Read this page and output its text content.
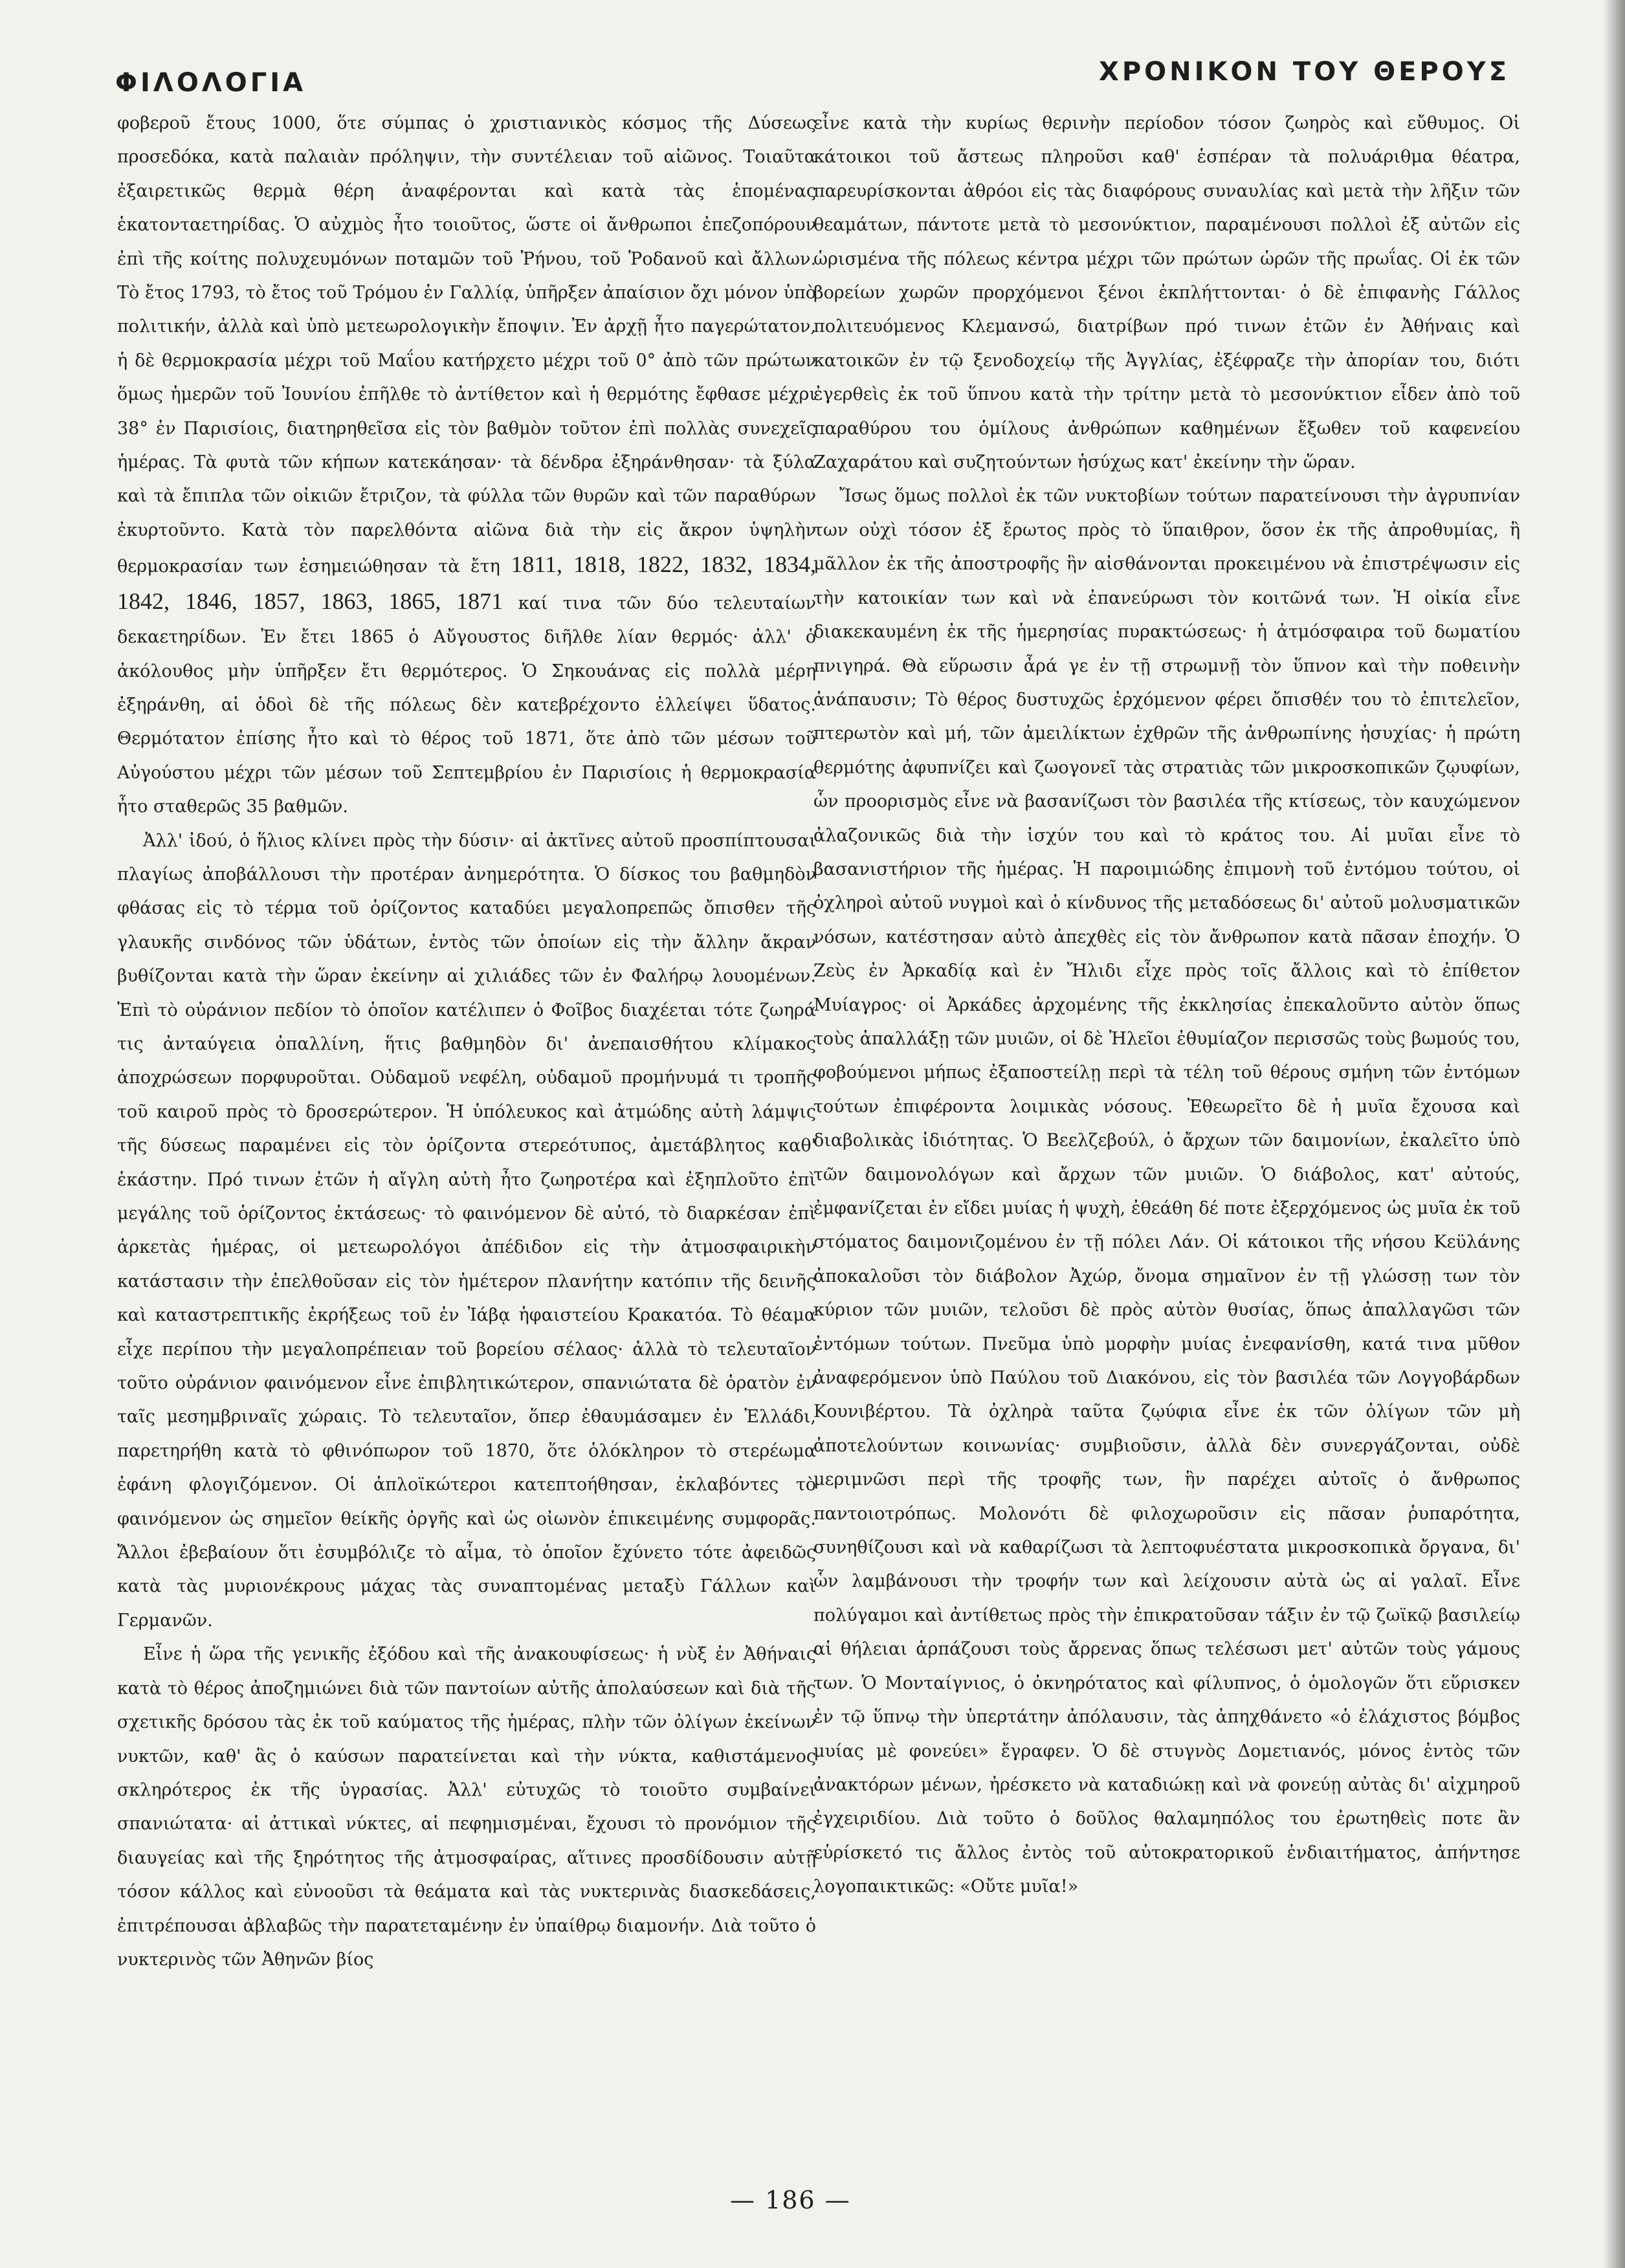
ΦΙΛΟΛΟΓΙΑ	ΧΡΟΝΙΚΟΝ ΤΟΥ ΘΕΡΟΥΣ

φοβεροῦ ἔτους 1000, ὅτε σύμπας ὁ χριστιανικὸς κόσμος τῆς Δύσεως προσεδόκα, κατὰ παλαιὰν πρόληψιν, τὴν συντέλειαν τοῦ αἰῶνος. Τοιαῦτα ἐξαιρετικῶς θερμὰ θέρη ἀναφέρονται καὶ κατὰ τὰς ἑπομένας ἑκατονταετηρίδας. Ὁ αὐχμὸς ἦτο τοιοῦτος, ὥστε οἱ ἄνθρωποι ἐπεζοπόρουν ἐπὶ τῆς κοίτης πολυχευμόνων ποταμῶν τοῦ Ῥήνου, τοῦ Ῥοδανοῦ καὶ ἄλλων. Τὸ ἔτος 1793, τὸ ἔτος τοῦ Τρόμου ἐν Γαλλίᾳ, ὑπῆρξεν ἀπαίσιον ὄχι μόνον ὑπὸ πολιτικήν, ἀλλὰ καὶ ὑπὸ μετεωρολογικὴν ἔποψιν. Ἐν ἀρχῇ ἦτο παγερώτατον, ἡ δὲ θερμοκρασία μέχρι τοῦ Μαΐου κατήρχετο μέχρι τοῦ 0° ἀπὸ τῶν πρώτων ὅμως ἡμερῶν τοῦ Ἰουνίου ἐπῆλθε τὸ ἀντίθετον καὶ ἡ θερμότης ἔφθασε μέχρι 38° ἐν Παρισίοις, διατηρηθεῖσα εἰς τὸν βαθμὸν τοῦτον ἐπὶ πολλὰς συνεχεῖς ἡμέρας. Τὰ φυτὰ τῶν κήπων κατεκάησαν· τὰ δένδρα ἐξηράνθησαν· τὰ ξύλα καὶ τὰ ἔπιπλα τῶν οἰκιῶν ἔτριζον, τὰ φύλλα τῶν θυρῶν καὶ τῶν παραθύρων ἐκυρτοῦντο. Κατὰ τὸν παρελθόντα αἰῶνα διὰ τὴν εἰς ἄκρον ὑψηλὴν θερμοκρασίαν των ἐσημειώθησαν τὰ ἔτη 1811, 1818, 1822, 1832, 1834, 1842, 1846, 1857, 1863, 1865, 1871 καί τινα τῶν δύο τελευταίων δεκαετηρίδων. Ἐν ἔτει 1865 ὁ Αὔγουστος διῆλθε λίαν θερμός· ἀλλ' ὁ ἀκόλουθος μὴν ὑπῆρξεν ἔτι θερμότερος. Ὁ Σηκουάνας εἰς πολλὰ μέρη ἐξηράνθη, αἱ ὁδοὶ δὲ τῆς πόλεως δὲν κατεβρέχοντο ἐλλείψει ὕδατος. Θερμότατον ἐπίσης ἦτο καὶ τὸ θέρος τοῦ 1871, ὅτε ἀπὸ τῶν μέσων τοῦ Αὐγούστου μέχρι τῶν μέσων τοῦ Σεπτεμβρίου ἐν Παρισίοις ἡ θερμοκρασία ἦτο σταθερῶς 35 βαθμῶν.

Ἀλλ' ἰδού, ὁ ἥλιος κλίνει πρὸς τὴν δύσιν· αἱ ἀκτῖνες αὐτοῦ προσπίπτουσαι πλαγίως ἀποβάλλουσι τὴν προτέραν ἀνημερότητα. Ὁ δίσκος του βαθμηδὸν φθάσας εἰς τὸ τέρμα τοῦ ὁρίζοντος καταδύει μεγαλοπρεπῶς ὄπισθεν τῆς γλαυκῆς σινδόνος τῶν ὑδάτων, ἐντὸς τῶν ὁποίων εἰς τὴν ἄλλην ἄκραν βυθίζονται κατὰ τὴν ὥραν ἐκείνην αἱ χιλιάδες τῶν ἐν Φαλήρῳ λουομένων. Ἐπὶ τὸ οὐράνιον πεδίον τὸ ὁποῖον κατέλιπεν ὁ Φοῖβος διαχέεται τότε ζωηρά τις ἀνταύγεια ὀπαλλίνη, ἥτις βαθμηδὸν δι' ἀνεπαισθήτου κλίμακος ἀποχρώσεων πορφυροῦται. Οὐδαμοῦ νεφέλη, οὐδαμοῦ προμήνυμά τι τροπῆς τοῦ καιροῦ πρὸς τὸ δροσερώτερον. Ἡ ὑπόλευκος καὶ ἀτμώδης αὐτὴ λάμψις τῆς δύσεως παραμένει εἰς τὸν ὁρίζοντα στερεότυπος, ἀμετάβλητος καθ' ἑκάστην. Πρό τινων ἐτῶν ἡ αἴγλη αὐτὴ ἦτο ζωηροτέρα καὶ ἐξηπλοῦτο ἐπὶ μεγάλης τοῦ ὁρίζοντος ἐκτάσεως· τὸ φαινόμενον δὲ αὐτό, τὸ διαρκέσαν ἐπὶ ἀρκετὰς ἡμέρας, οἱ μετεωρολόγοι ἀπέδιδον εἰς τὴν ἀτμοσφαιρικὴν κατάστασιν τὴν ἐπελθοῦσαν εἰς τὸν ἡμέτερον πλανήτην κατόπιν τῆς δεινῆς καὶ καταστρεπτικῆς ἐκρήξεως τοῦ ἐν Ἰάβᾳ ἡφαιστείου Κρακατόα. Τὸ θέαμα εἶχε περίπου τὴν μεγαλοπρέπειαν τοῦ βορείου σέλαος· ἀλλὰ τὸ τελευταῖον τοῦτο οὐράνιον φαινόμενον εἶνε ἐπιβλητικώτερον, σπανιώτατα δὲ ὁρατὸν ἐν ταῖς μεσημβριναῖς χώραις. Τὸ τελευταῖον, ὅπερ ἐθαυμάσαμεν ἐν Ἑλλάδι, παρετηρήθη κατὰ τὸ φθινόπωρον τοῦ 1870, ὅτε ὁλόκληρον τὸ στερέωμα ἐφάνη φλογιζόμενον. Οἱ ἁπλοϊκώτεροι κατεπτοήθησαν, ἐκλαβόντες τὸ φαινόμενον ὡς σημεῖον θείκῆς ὀργῆς καὶ ὡς οἰωνὸν ἐπικειμένης συμφορᾶς. Ἄλλοι ἐβεβαίουν ὅτι ἐσυμβόλιζε τὸ αἷμα, τὸ ὁποῖον ἔχύνετο τότε ἀφειδῶς κατὰ τὰς μυριονέκρους μάχας τὰς συναπτομένας μεταξὺ Γάλλων καὶ Γερμανῶν.

Εἶνε ἡ ὥρα τῆς γενικῆς ἐξόδου καὶ τῆς ἀνακουφίσεως· ἡ νὺξ ἐν Ἀθήναις κατὰ τὸ θέρος ἀποζημιώνει διὰ τῶν παντοίων αὐτῆς ἀπολαύσεων καὶ διὰ τῆς σχετικῆς δρόσου τὰς ἐκ τοῦ καύματος τῆς ἡμέρας, πλὴν τῶν ὀλίγων ἐκείνων νυκτῶν, καθ' ἃς ὁ καύσων παρατείνεται καὶ τὴν νύκτα, καθιστάμενος σκληρότερος ἐκ τῆς ὑγρασίας. Ἀλλ' εὐτυχῶς τὸ τοιοῦτο συμβαίνει σπανιώτατα· αἱ ἀττικαὶ νύκτες, αἱ πεφημισμέναι, ἔχουσι τὸ προνόμιον τῆς διαυγείας καὶ τῆς ξηρότητος τῆς ἀτμοσφαίρας, αἵτινες προσδίδουσιν αὐτῇ τόσον κάλλος καὶ εὐνοοῦσι τὰ θεάματα καὶ τὰς νυκτερινὰς διασκεδάσεις, ἐπιτρέπουσαι ἀβλαβῶς τὴν παρατεταμένην ἐν ὑπαίθρῳ διαμονήν. Διὰ τοῦτο ὁ νυκτερινὸς τῶν Ἀθηνῶν βίος

εἶνε κατὰ τὴν κυρίως θερινὴν περίοδον τόσον ζωηρὸς καὶ εὔθυμος. Οἱ κάτοικοι τοῦ ἄστεως πληροῦσι καθ' ἑσπέραν τὰ πολυάριθμα θέατρα, παρευρίσκονται ἀθρόοι εἰς τὰς διαφόρους συναυλίας καὶ μετὰ τὴν λῆξιν τῶν θεαμάτων, πάντοτε μετὰ τὸ μεσονύκτιον, παραμένουσι πολλοὶ ἐξ αὐτῶν εἰς ὡρισμένα τῆς πόλεως κέντρα μέχρι τῶν πρώτων ὡρῶν τῆς πρωΐας. Οἱ ἐκ τῶν βορείων χωρῶν προρχόμενοι ξένοι ἐκπλήττονται· ὁ δὲ ἐπιφανὴς Γάλλος πολιτευόμενος Κλεμανσώ, διατρίβων πρό τινων ἐτῶν ἐν Ἀθήναις καὶ κατοικῶν ἐν τῷ ξενοδοχείῳ τῆς Ἀγγλίας, ἐξέφραζε τὴν ἀπορίαν του, διότι ἐγερθεὶς ἐκ τοῦ ὕπνου κατὰ τὴν τρίτην μετὰ τὸ μεσονύκτιον εἶδεν ἀπὸ τοῦ παραθύρου του ὁμίλους ἀνθρώπων καθημένων ἔξωθεν τοῦ καφενείου Ζαχαράτου καὶ συζητούντων ἡσύχως κατ' ἐκείνην τὴν ὥραν.

Ἴσως ὅμως πολλοὶ ἐκ τῶν νυκτοβίων τούτων παρατείνουσι τὴν ἀγρυπνίαν των οὐχὶ τόσον ἐξ ἔρωτος πρὸς τὸ ὕπαιθρον, ὅσον ἐκ τῆς ἀπροθυμίας, ἢ μᾶλλον ἐκ τῆς ἀποστροφῆς ἣν αἰσθάνονται προκειμένου νὰ ἐπιστρέψωσιν εἰς τὴν κατοικίαν των καὶ νὰ ἐπανεύρωσι τὸν κοιτῶνά των. Ἡ οἰκία εἶνε διακεκαυμένη ἐκ τῆς ἡμερησίας πυρακτώσεως· ἡ ἀτμόσφαιρα τοῦ δωματίου πνιγηρά. Θὰ εὕρωσιν ἆρά γε ἐν τῇ στρωμνῇ τὸν ὕπνον καὶ τὴν ποθεινὴν ἀνάπαυσιν; Τὸ θέρος δυστυχῶς ἐρχόμενον φέρει ὄπισθέν του τὸ ἐπιτελεῖον, πτερωτὸν καὶ μή, τῶν ἀμειλίκτων ἐχθρῶν τῆς ἀνθρωπίνης ἡσυχίας· ἡ πρώτη θερμότης ἀφυπνίζει καὶ ζωογονεῖ τὰς στρατιὰς τῶν μικροσκοπικῶν ζῳυφίων, ὧν προορισμὸς εἶνε νὰ βασανίζωσι τὸν βασιλέα τῆς κτίσεως, τὸν καυχώμενον ἀλαζονικῶς διὰ τὴν ἰσχύν του καὶ τὸ κράτος του. Αἱ μυῖαι εἶνε τὸ βασανιστήριον τῆς ἡμέρας. Ἡ παροιμιώδης ἐπιμονὴ τοῦ ἐντόμου τούτου, οἱ ὀχληροὶ αὐτοῦ νυγμοὶ καὶ ὁ κίνδυνος τῆς μεταδόσεως δι' αὐτοῦ μολυσματικῶν νόσων, κατέστησαν αὐτὸ ἀπεχθὲς εἰς τὸν ἄνθρωπον κατὰ πᾶσαν ἐποχήν. Ὁ Ζεὺς ἐν Ἀρκαδίᾳ καὶ ἐν Ἤλιδι εἶχε πρὸς τοῖς ἄλλοις καὶ τὸ ἐπίθετον Μυίαγρος· οἱ Ἀρκάδες ἀρχομένης τῆς ἐκκλησίας ἐπεκαλοῦντο αὐτὸν ὅπως τοὺς ἀπαλλάξῃ τῶν μυιῶν, οἱ δὲ Ἠλεῖοι ἐθυμίαζον περισσῶς τοὺς βωμούς του, φοβούμενοι μήπως ἐξαποστείλῃ περὶ τὰ τέλη τοῦ θέρους σμήνη τῶν ἐντόμων τούτων ἐπιφέροντα λοιμικὰς νόσους. Ἐθεωρεῖτο δὲ ἡ μυῖα ἔχουσα καὶ διαβολικὰς ἰδιότητας. Ὁ Βεελζεβούλ, ὁ ἄρχων τῶν δαιμονίων, ἐκαλεῖτο ὑπὸ τῶν δαιμονολόγων καὶ ἄρχων τῶν μυιῶν. Ὁ διάβολος, κατ' αὐτούς, ἐμφανίζεται ἐν εἴδει μυίας ἡ ψυχὴ, ἐθεάθη δέ ποτε ἐξερχόμενος ὡς μυῖα ἐκ τοῦ στόματος δαιμονιζομένου ἐν τῇ πόλει Λάν. Οἱ κάτοικοι τῆς νήσου Κεϋλάνης ἀποκαλοῦσι τὸν διάβολον Ἀχώρ, ὄνομα σημαῖνον ἐν τῇ γλώσσῃ των τὸν κύριον τῶν μυιῶν, τελοῦσι δὲ πρὸς αὐτὸν θυσίας, ὅπως ἀπαλλαγῶσι τῶν ἐντόμων τούτων. Πνεῦμα ὑπὸ μορφὴν μυίας ἐνεφανίσθη, κατά τινα μῦθον ἀναφερόμενον ὑπὸ Παύλου τοῦ Διακόνου, εἰς τὸν βασιλέα τῶν Λογγοβάρδων Κουνιβέρτου. Τὰ ὀχληρὰ ταῦτα ζῳύφια εἶνε ἐκ τῶν ὀλίγων τῶν μὴ ἀποτελούντων κοινωνίας· συμβιοῦσιν, ἀλλὰ δὲν συνεργάζονται, οὐδὲ μεριμνῶσι περὶ τῆς τροφῆς των, ἣν παρέχει αὐτοῖς ὁ ἄνθρωπος παντοιοτρόπως. Μολονότι δὲ φιλοχωροῦσιν εἰς πᾶσαν ῥυπαρότητα, συνηθίζουσι καὶ νὰ καθαρίζωσι τὰ λεπτοφυέστατα μικροσκοπικὰ ὄργανα, δι' ὧν λαμβάνουσι τὴν τροφήν των καὶ λείχουσιν αὐτὰ ὡς αἱ γαλαῖ. Εἶνε πολύγαμοι καὶ ἀντίθετως πρὸς τὴν ἐπικρατοῦσαν τάξιν ἐν τῷ ζωϊκῷ βασιλείῳ αἱ θήλειαι ἁρπάζουσι τοὺς ἄρρενας ὅπως τελέσωσι μετ' αὐτῶν τοὺς γάμους των. Ὁ Μονταίγνιος, ὁ ὀκνηρότατος καὶ φίλυπνος, ὁ ὁμολογῶν ὅτι εὕρισκεν ἐν τῷ ὕπνῳ τὴν ὑπερτάτην ἀπόλαυσιν, τὰς ἀπηχθάνετο «ὁ ἐλάχιστος βόμβος μυίας μὲ φονεύει» ἔγραφεν. Ὁ δὲ στυγνὸς Δομετιανός, μόνος ἐντὸς τῶν ἀνακτόρων μένων, ἠρέσκετο νὰ καταδιώκῃ καὶ νὰ φονεύῃ αὐτὰς δι' αἰχμηροῦ ἐγχειριδίου. Διὰ τοῦτο ὁ δοῦλος θαλαμηπόλος του ἐρωτηθεὶς ποτε ἂν εὑρίσκετό τις ἄλλος ἐντὸς τοῦ αὐτοκρατορικοῦ ἐνδιαιτήματος, ἀπήντησε λογοπαικτικῶς: «Οὔτε μυῖα!»

— 186 —
